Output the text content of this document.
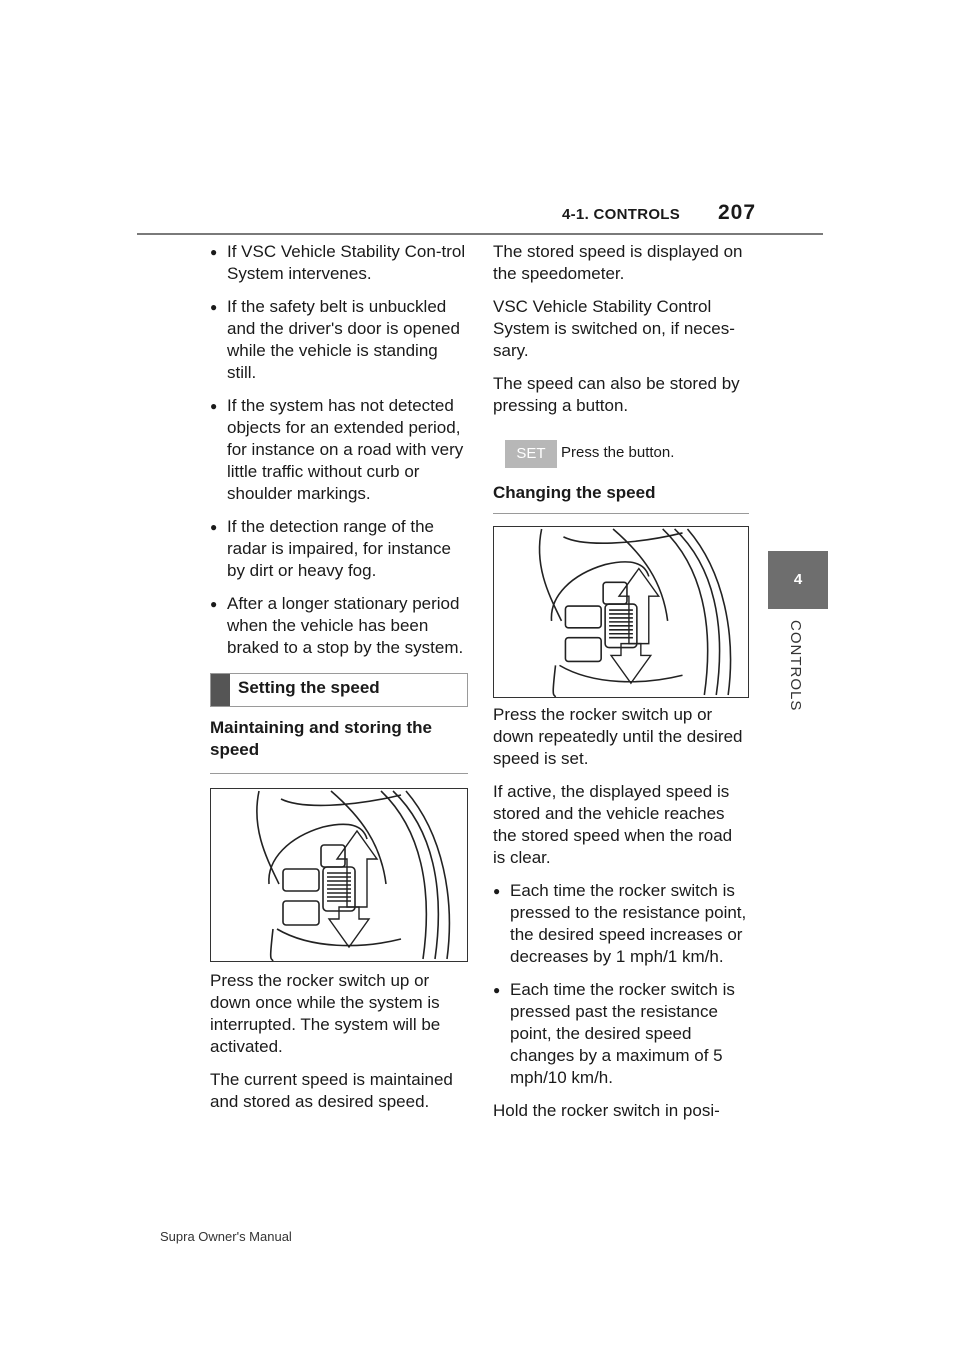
4-1. CONTROLS 207
4
CONTROLS
● If VSC Vehicle Stability Con-trol System intervenes.
● If the safety belt is unbuckled and the driver's door is opened while the vehicle is standing still.
● If the system has not detected objects for an extended period, for instance on a road with very little traffic without curb or shoulder markings.
● If the detection range of the radar is impaired, for instance by dirt or heavy fog.
● After a longer stationary period when the vehicle has been braked to a stop by the system.
Setting the speed
Maintaining and storing the speed

Press the rocker switch up or down once while the system is interrupted. The system will be activated.

The current speed is maintained and stored as desired speed.

The stored speed is displayed on the speedometer.

VSC Vehicle Stability Control System is switched on, if neces-sary.

The speed can also be stored by pressing a button.

SET	Press the button.
Changing the speed

Press the rocker switch up or down repeatedly until the desired speed is set.

If active, the displayed speed is stored and the vehicle reaches the stored speed when the road is clear.

● Each time the rocker switch is pressed to the resistance point, the desired speed increases or decreases by 1 mph/1 km/h.
● Each time the rocker switch is pressed past the resistance point, the desired speed changes by a maximum of 5 mph/10 km/h.

Hold the rocker switch in posi-

Supra Owner's Manual
